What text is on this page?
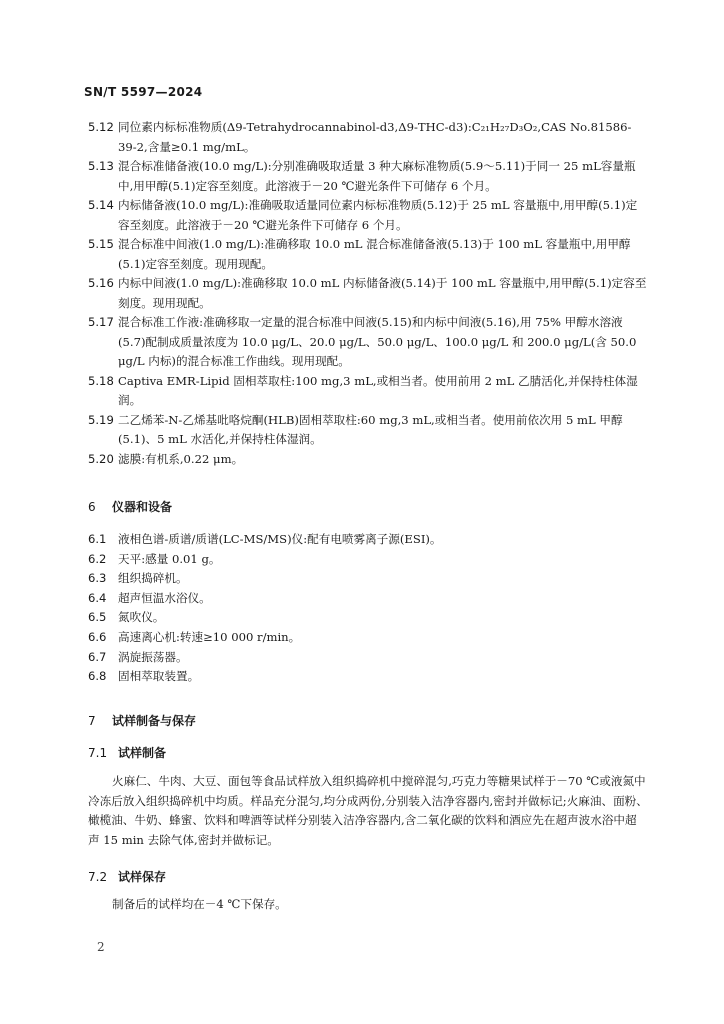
SN/T 5597—2024

5.12 同位素内标标准物质(Δ9-Tetrahydrocannabinol-d3,Δ9-THC-d3):C₂₁H₂₇D₃O₂,CAS No.81586-39-2,含量≥0.1 mg/mL。

5.13 混合标准储备液(10.0 mg/L):分别准确吸取适量 3 种大麻标准物质(5.9～5.11)于同一 25 mL容量瓶中,用甲醇(5.1)定容至刻度。此溶液于－20 ℃避光条件下可储存 6 个月。

5.14 内标储备液(10.0 mg/L):准确吸取适量同位素内标标准物质(5.12)于 25 mL 容量瓶中,用甲醇(5.1)定容至刻度。此溶液于－20 ℃避光条件下可储存 6 个月。

5.15 混合标准中间液(1.0 mg/L):准确移取 10.0 mL 混合标准储备液(5.13)于 100 mL 容量瓶中,用甲醇(5.1)定容至刻度。现用现配。

5.16 内标中间液(1.0 mg/L):准确移取 10.0 mL 内标储备液(5.14)于 100 mL 容量瓶中,用甲醇(5.1)定容至刻度。现用现配。

5.17 混合标准工作液:准确移取一定量的混合标准中间液(5.15)和内标中间液(5.16),用 75% 甲醇水溶液(5.7)配制成质量浓度为 10.0 μg/L、20.0 μg/L、50.0 μg/L、100.0 μg/L 和 200.0 μg/L(含 50.0 μg/L 内标)的混合标准工作曲线。现用现配。

5.18 Captiva EMR-Lipid 固相萃取柱:100 mg,3 mL,或相当者。使用前用 2 mL 乙腈活化,并保持柱体湿润。

5.19 二乙烯苯-N-乙烯基吡咯烷酮(HLB)固相萃取柱:60 mg,3 mL,或相当者。使用前依次用 5 mL 甲醇(5.1)、5 mL 水活化,并保持柱体湿润。

5.20 滤膜:有机系,0.22 μm。

6 仪器和设备

6.1 液相色谱-质谱/质谱(LC-MS/MS)仪:配有电喷雾离子源(ESI)。

6.2 天平:感量 0.01 g。

6.3 组织捣碎机。

6.4 超声恒温水浴仪。

6.5 氮吹仪。

6.6 高速离心机:转速≥10 000 r/min。

6.7 涡旋振荡器。

6.8 固相萃取装置。

7 试样制备与保存
7.1 试样制备

火麻仁、牛肉、大豆、面包等食品试样放入组织捣碎机中搅碎混匀,巧克力等糖果试样于－70 ℃或液氮中冷冻后放入组织捣碎机中均质。样品充分混匀,均分成两份,分别装入洁净容器内,密封并做标记;火麻油、面粉、橄榄油、牛奶、蜂蜜、饮料和啤酒等试样分别装入洁净容器内,含二氧化碳的饮料和酒应先在超声波水浴中超声 15 min 去除气体,密封并做标记。

7.2 试样保存

制备后的试样均在－4 ℃下保存。

2
